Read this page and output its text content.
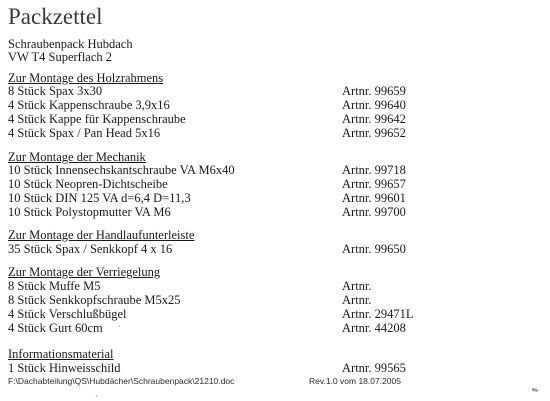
Packzettel
Schraubenpack Hubdach
VW T4 Superflach 2
Zur Montage des Holzrahmens
8 Stück Spax 3x30	Artnr. 99659
4 Stück Kappenschraube 3,9x16	Artnr. 99640
4 Stück Kappe für Kappenschraube	Artnr. 99642
4 Stück Spax / Pan Head 5x16	Artnr. 99652
Zur Montage der Mechanik
10 Stück Innensechskantschraube VA M6x40	Artnr. 99718
10 Stück Neopren-Dichtscheibe	Artnr. 99657
10 Stück DIN 125 VA d=6,4 D=11,3	Artnr. 99601
10 Stück Polystopmutter VA M6	Artnr. 99700
Zur Montage der Handlaufunterleiste
35 Stück Spax / Senkkopf 4 x 16	Artnr. 99650
Zur Montage der Verriegelung
8 Stück Muffe M5	Artnr.
8 Stück Senkkopfschraube M5x25	Artnr.
4 Stück Verschlußbügel	Artnr. 29471L
4 Stück Gurt 60cm	Artnr. 44208
Informationsmaterial
1 Stück Hinweisschild	Artnr. 99565
F:\Dachabteilung\QS\Hubdächer\Schraubenpack\21210.doc	Rev.1.0 vom 18.07.2005
·
✎
·
